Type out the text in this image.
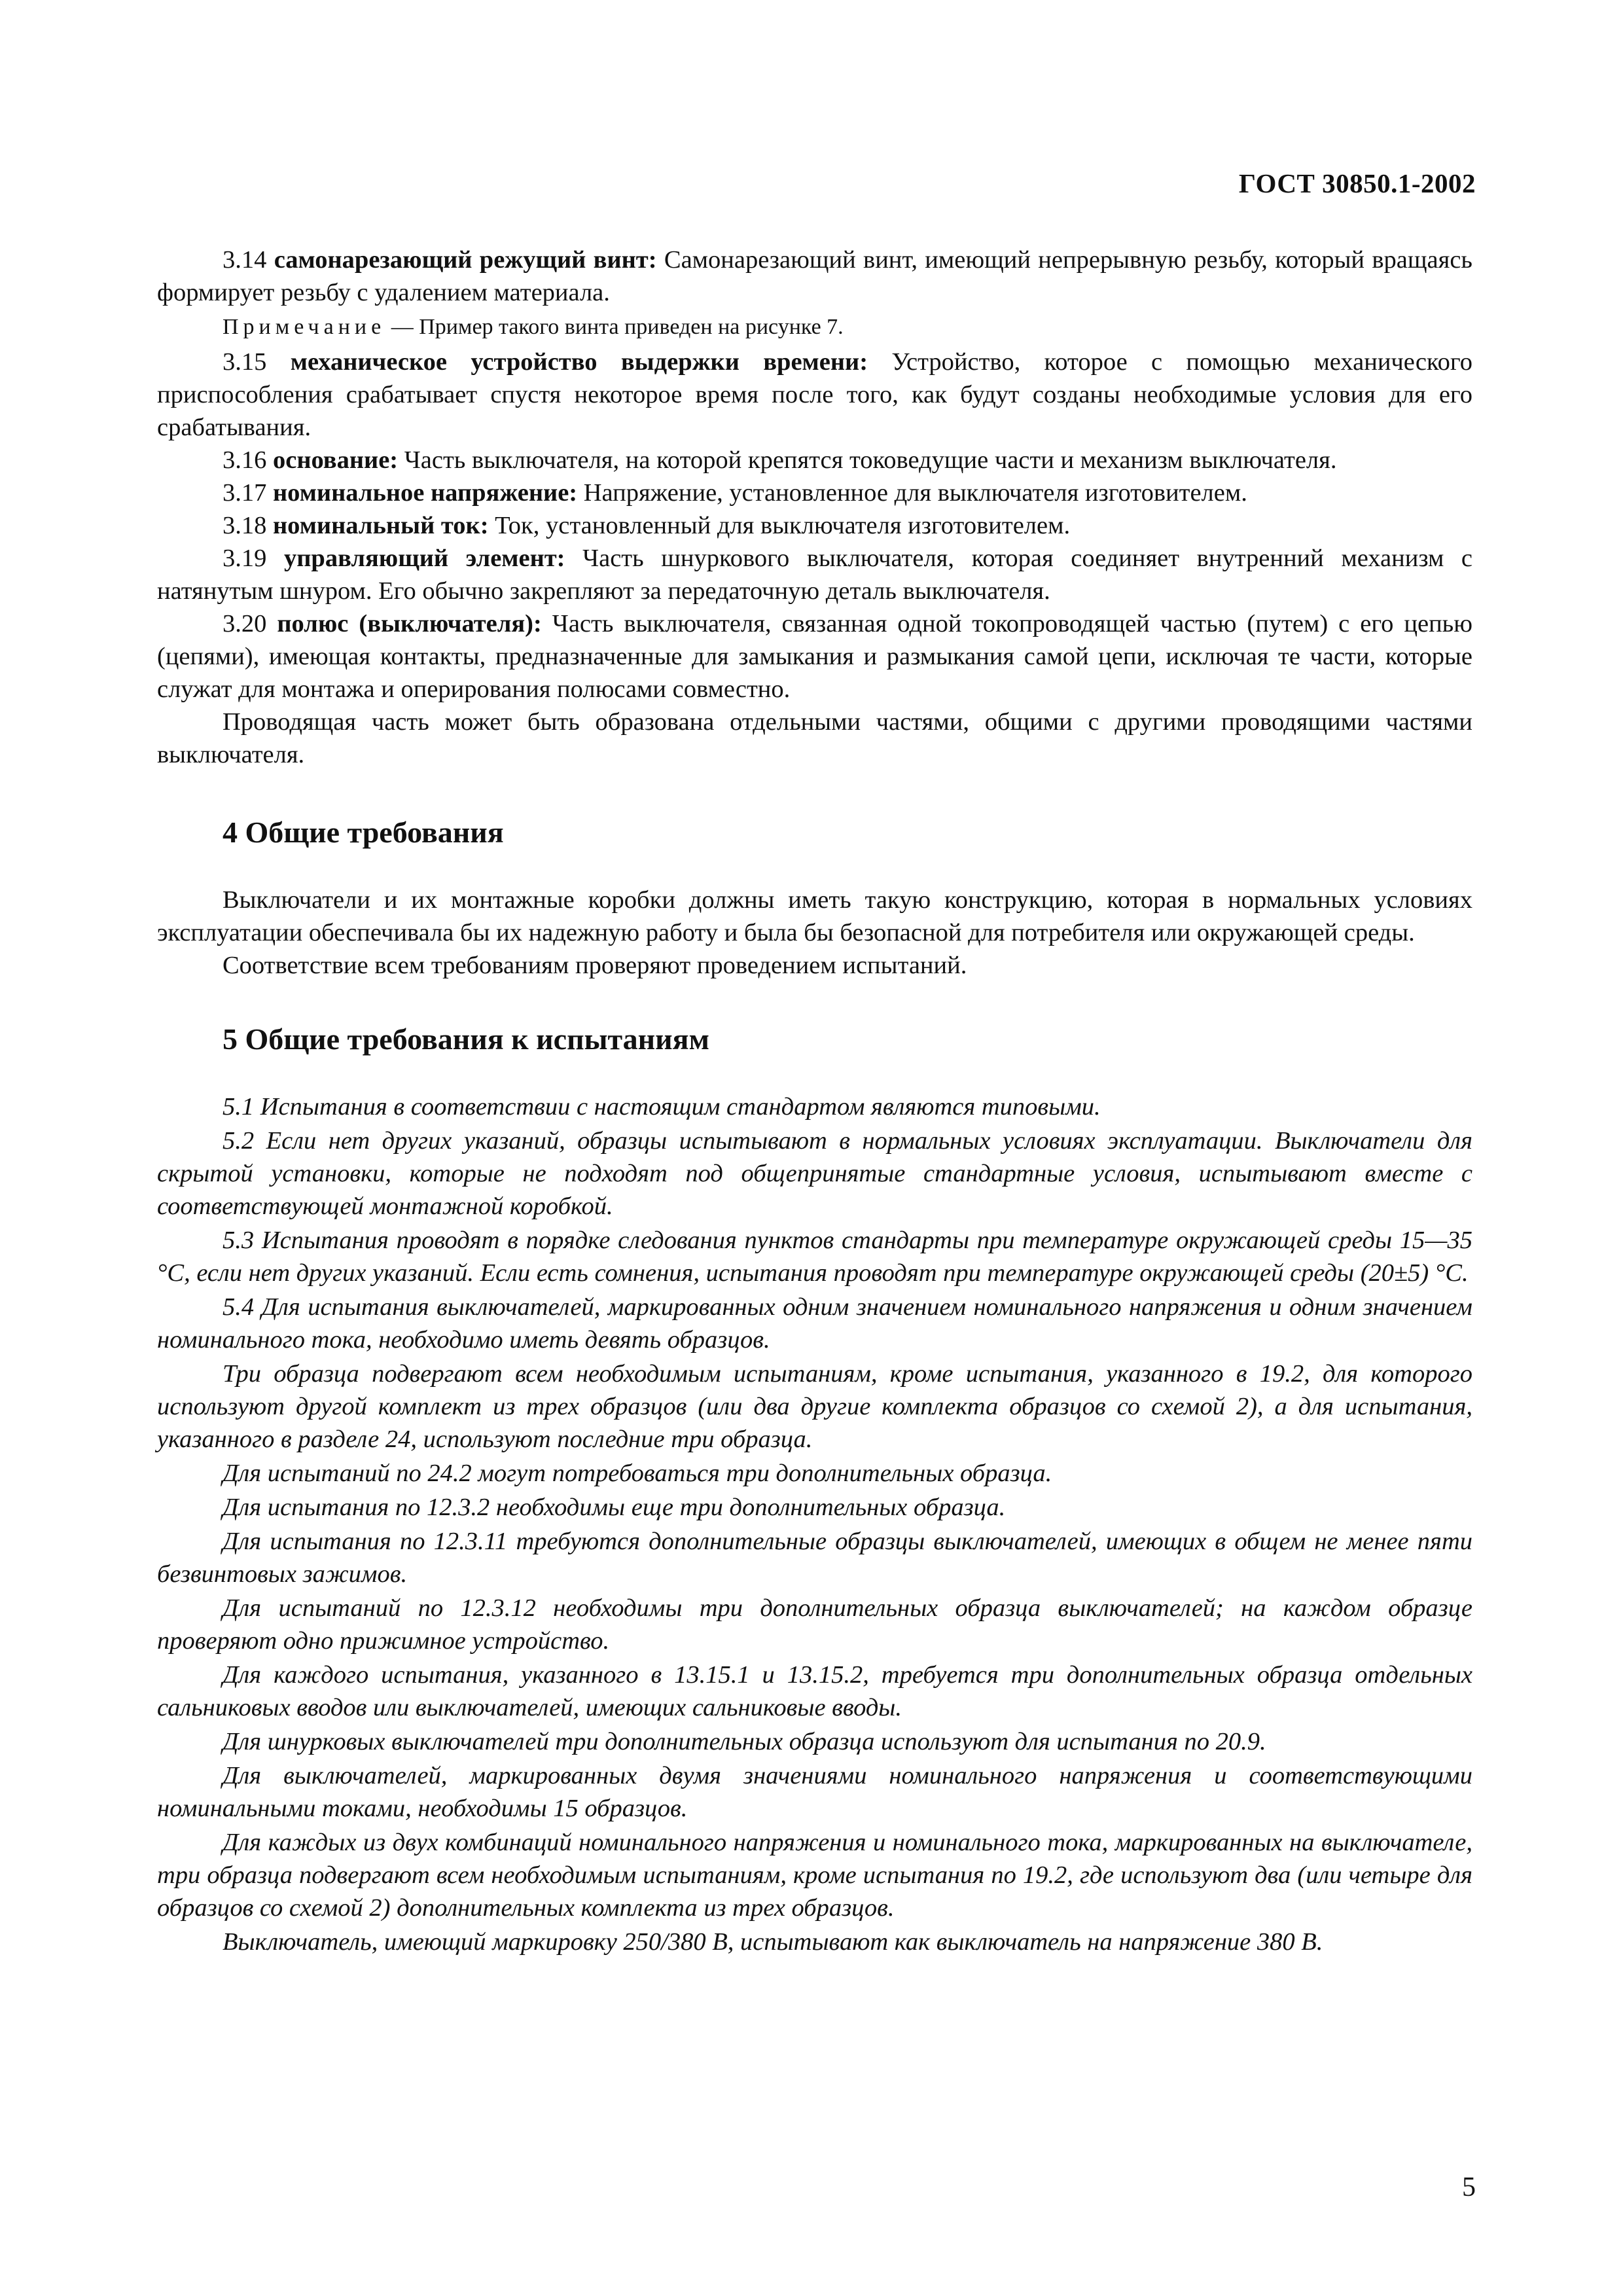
ГОСТ 30850.1-2002

3.14 самонарезающий режущий винт: Самонарезающий винт, имеющий непрерывную резьбу, который вращаясь формирует резьбу с удалением материала.

Примечание — Пример такого винта приведен на рисунке 7.

3.15 механическое устройство выдержки времени: Устройство, которое с помощью механического приспособления срабатывает спустя некоторое время после того, как будут созданы необходимые условия для его срабатывания.

3.16 основание: Часть выключателя, на которой крепятся токоведущие части и механизм выключателя.

3.17 номинальное напряжение: Напряжение, установленное для выключателя изготовителем.

3.18 номинальный ток: Ток, установленный для выключателя изготовителем.

3.19 управляющий элемент: Часть шнуркового выключателя, которая соединяет внутренний механизм с натянутым шнуром. Его обычно закрепляют за передаточную деталь выключателя.

3.20 полюс (выключателя): Часть выключателя, связанная одной токопроводящей частью (путем) с его цепью (цепями), имеющая контакты, предназначенные для замыкания и размыкания самой цепи, исключая те части, которые служат для монтажа и оперирования полюсами совместно.

Проводящая часть может быть образована отдельными частями, общими с другими проводящими частями выключателя.

4 Общие требования

Выключатели и их монтажные коробки должны иметь такую конструкцию, которая в нормальных условиях эксплуатации обеспечивала бы их надежную работу и была бы безопасной для потребителя или окружающей среды.

Соответствие всем требованиям проверяют проведением испытаний.

5 Общие требования к испытаниям

5.1 Испытания в соответствии с настоящим стандартом являются типовыми.

5.2 Если нет других указаний, образцы испытывают в нормальных условиях эксплуатации. Выключатели для скрытой установки, которые не подходят под общепринятые стандартные условия, испытывают вместе с соответствующей монтажной коробкой.

5.3 Испытания проводят в порядке следования пунктов стандарты при температуре окружающей среды 15—35 °С, если нет других указаний. Если есть сомнения, испытания проводят при температуре окружающей среды (20±5) °С.

5.4 Для испытания выключателей, маркированных одним значением номинального напряжения и одним значением номинального тока, необходимо иметь девять образцов.

Три образца подвергают всем необходимым испытаниям, кроме испытания, указанного в 19.2, для которого используют другой комплект из трех образцов (или два другие комплекта образцов со схемой 2), а для испытания, указанного в разделе 24, используют последние три образца.

Для испытаний по 24.2 могут потребоваться три дополнительных образца.

Для испытания по 12.3.2 необходимы еще три дополнительных образца.

Для испытания по 12.3.11 требуются дополнительные образцы выключателей, имеющих в общем не менее пяти безвинтовых зажимов.

Для испытаний по 12.3.12 необходимы три дополнительных образца выключателей; на каждом образце проверяют одно прижимное устройство.

Для каждого испытания, указанного в 13.15.1 и 13.15.2, требуется три дополнительных образца отдельных сальниковых вводов или выключателей, имеющих сальниковые вводы.

Для шнурковых выключателей три дополнительных образца используют для испытания по 20.9.

Для выключателей, маркированных двумя значениями номинального напряжения и соответствующими номинальными токами, необходимы 15 образцов.

Для каждых из двух комбинаций номинального напряжения и номинального тока, маркированных на выключателе, три образца подвергают всем необходимым испытаниям, кроме испытания по 19.2, где используют два (или четыре для образцов со схемой 2) дополнительных комплекта из трех образцов.

Выключатель, имеющий маркировку 250/380 В, испытывают как выключатель на напряжение 380 В.

5
